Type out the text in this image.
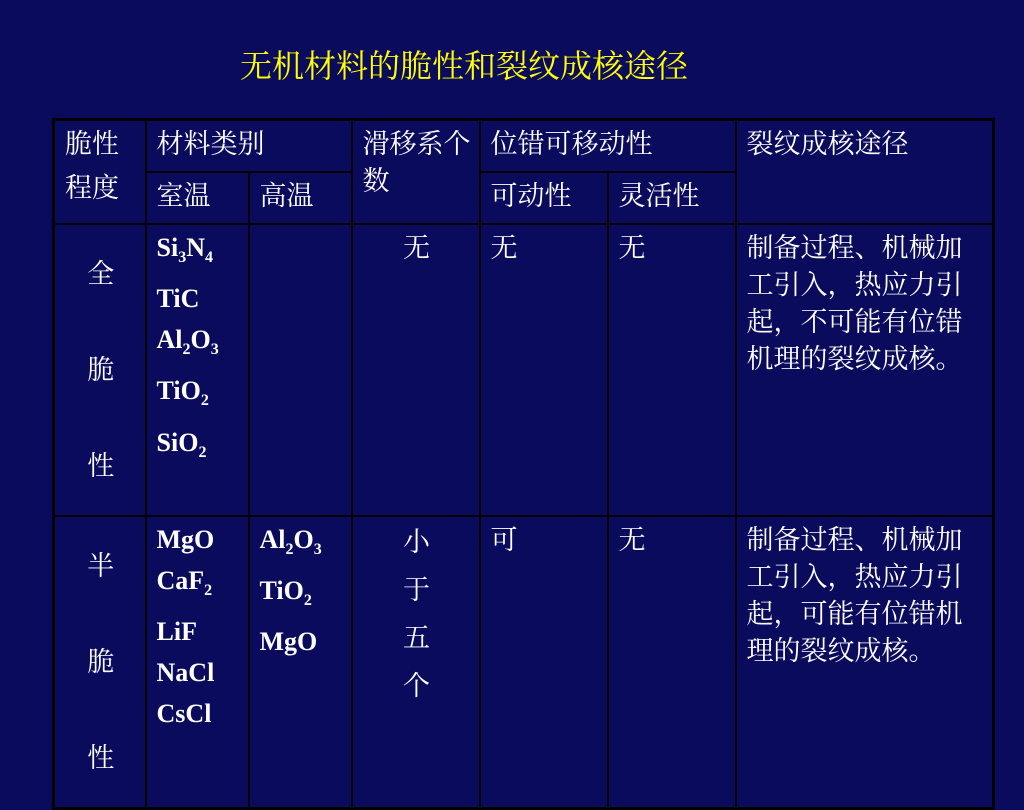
无机材料的脆性和裂纹成核途径
脆性
程度	材料类别		滑移系个数	位错可移动性		裂纹成核途径
	室温	高温		可动性	灵活性	

全
脆
性	$Si_3N_4$
TiC
$Al_2O_3$
TiO$_2$
SiO$_2$		无	无	无	制备过程、机械加工引入，热应力引起，不可能有位错机理的裂纹成核。

半
脆
性	MgO
CaF$_2$
LiF
NaCl
CsCl	$Al_2O_3$
TiO$_2$
MgO	小
于
五
个	可	无	制备过程、机械加工引入，热应力引起，可能有位错机理的裂纹成核。
